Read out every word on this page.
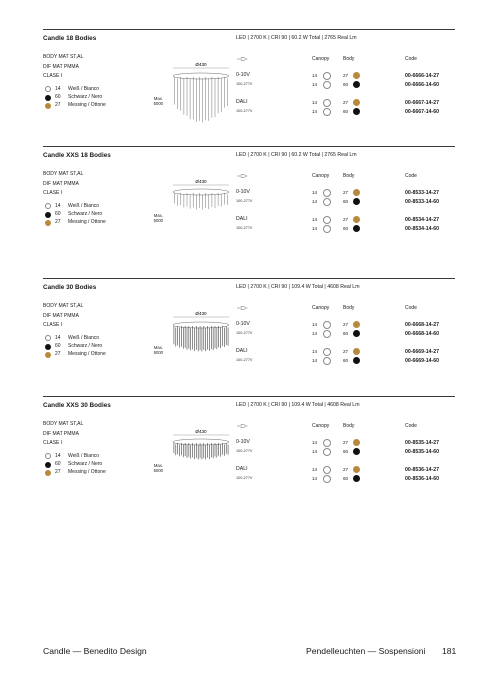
Candle 18 Bodies	LED | 2700 K | CRI 90 | 60.2 W Total | 2765 Real Lm
BODY MAT ST,AL
DIF MAT PMMA
CLASE I
14 Weiß / Bianco
60 Schwarz / Nero
27 Messing / Ottone
Max.
5000
Ø430
Canopy	Body	Code
0-10V
100-277V
14	27	00-6666-14-27
14	60	00-6666-14-60
DALI
100-277V
14	27	00-6667-14-27
14	60	00-6667-14-60
Candle XXS 18 Bodies	LED | 2700 K | CRI 90 | 60.2 W Total | 2765 Real Lm
BODY MAT ST,AL
DIF MAT PMMA
CLASE I
14 Weiß / Bianco
60 Schwarz / Nero
27 Messing / Ottone
Max.
5000
Ø430
Canopy	Body	Code
0-10V
100-277V
14	27	00-8533-14-27
14	60	00-8533-14-60
DALI
100-277V
14	27	00-8534-14-27
14	60	00-8534-14-60
Candle 30 Bodies	LED | 2700 K | CRI 90 | 109.4 W Total | 4608 Real Lm
BODY MAT ST,AL
DIF MAT PMMA
CLASE I
14 Weiß / Bianco
60 Schwarz / Nero
27 Messing / Ottone
Max.
5000
Ø430
Canopy	Body	Code
0-10V
100-277V
14	27	00-6668-14-27
14	60	00-6668-14-60
DALI
100-277V
14	27	00-6669-14-27
14	60	00-6669-14-60
Candle XXS 30 Bodies	LED | 2700 K | CRI 90 | 109.4 W Total | 4608 Real Lm
BODY MAT ST,AL
DIF MAT PMMA
CLASE I
14 Weiß / Bianco
60 Schwarz / Nero
27 Messing / Ottone
Max.
5000
Ø430
Canopy	Body	Code
0-10V
100-277V
14	27	00-8535-14-27
14	60	00-8535-14-60
DALI
100-277V
14	27	00-8536-14-27
14	60	00-8536-14-60
Candle — Benedito Design	Pendelleuchten — Sospensioni 181
